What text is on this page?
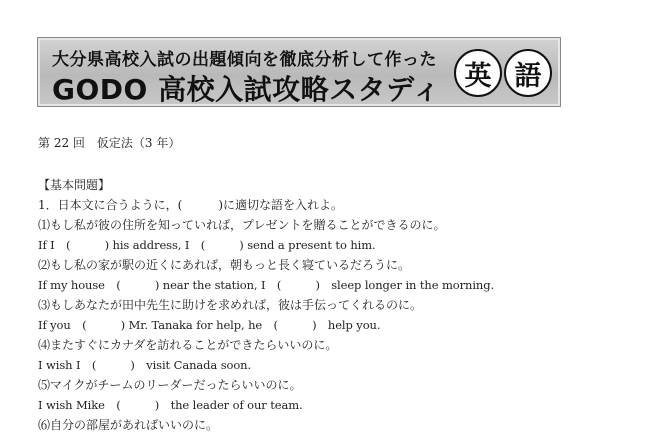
大分県高校入試の出題傾向を徹底分析して作った
GODO 高校入試攻略スタディ 英 語
第 22 回　仮定法（3 年）
【基本問題】
1．日本文に合うように，(　　　)に適切な語を入れよ。
⑴もし私が彼の住所を知っていれば，プレゼントを贈ることができるのに。
If I　(　　　) his address, I　(　　　) send a present to him.
⑵もし私の家が駅の近くにあれば，朝もっと長く寝ているだろうに。
If my house　(　　　) near the station, I　(　　　)　sleep longer in the morning.
⑶もしあなたが田中先生に助けを求めれば，彼は手伝ってくれるのに。
If you　(　　　) Mr. Tanaka for help, he　(　　　)　help you.
⑷またすぐにカナダを訪れることができたらいいのに。
I wish I　(　　　)　visit Canada soon.
⑸マイクがチームのリーダーだったらいいのに。
I wish Mike　(　　　)　the leader of our team.
⑹自分の部屋があればいいのに。
